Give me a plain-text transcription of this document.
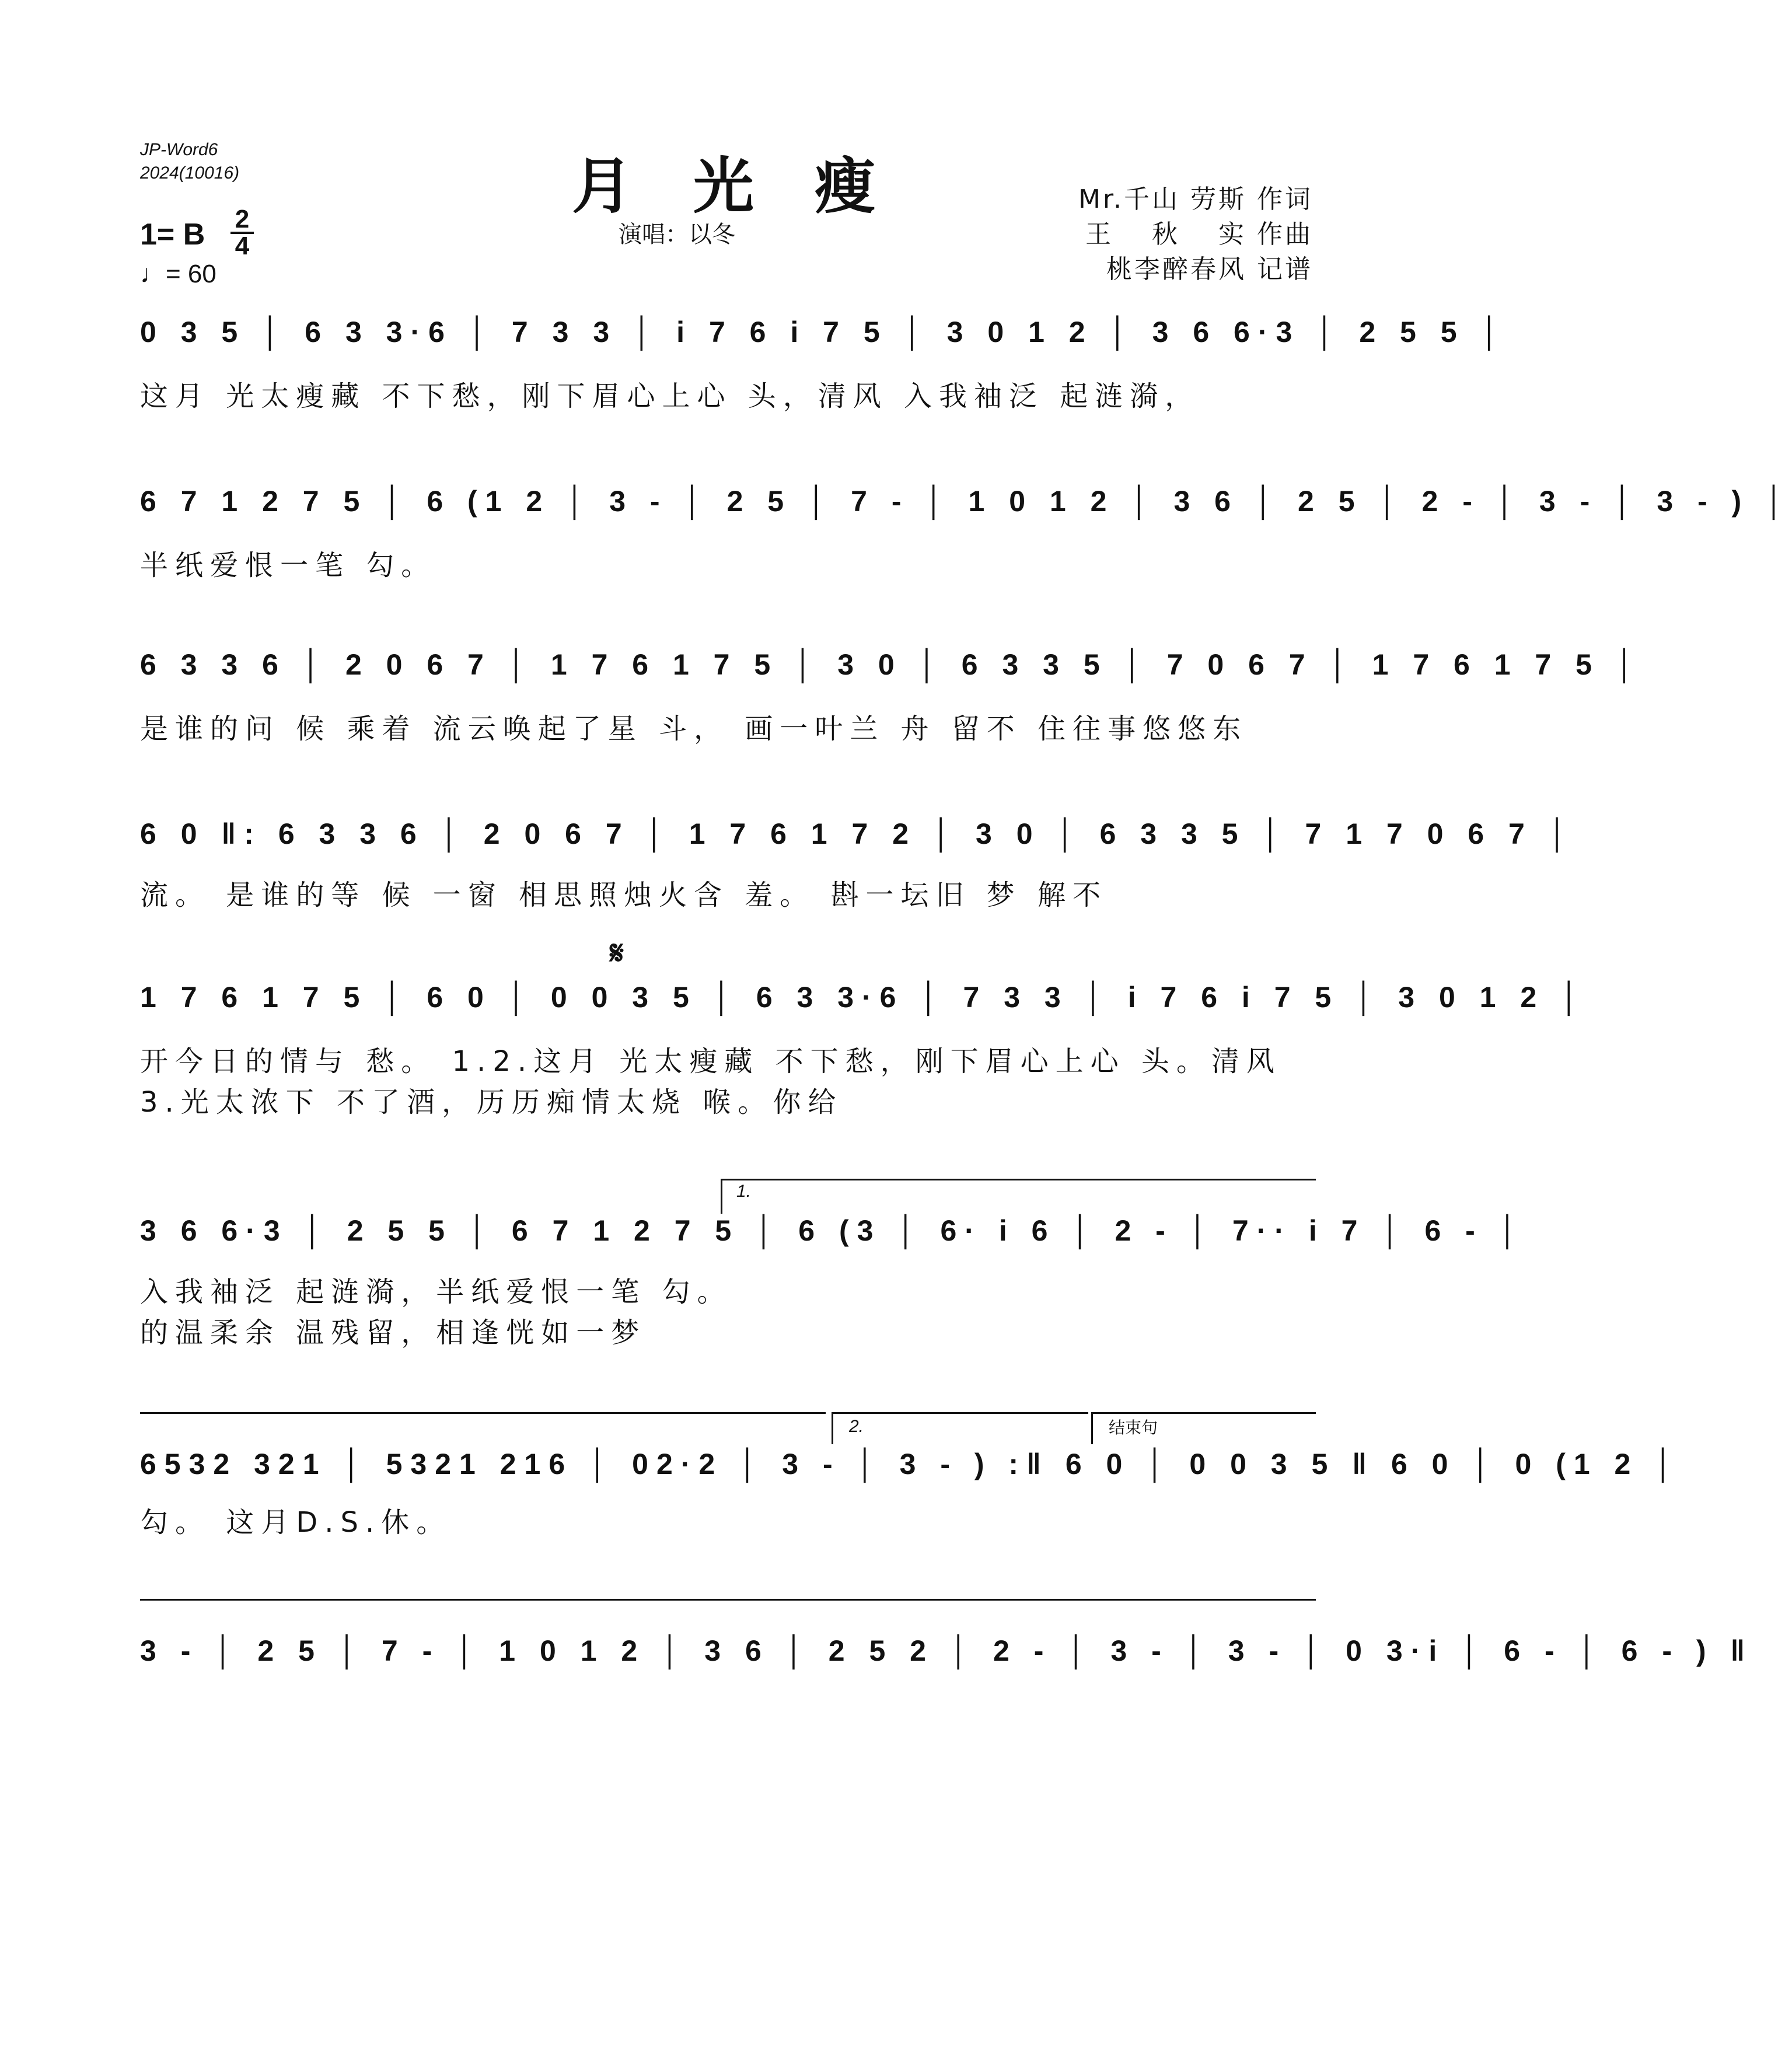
JP-Word6
2024(10016)	月　光　瘦
演唱：以冬
1= B $\frac{2}{4}$
♩= 60
Mr.千山 劳斯 作词
王　 秋　 实 作曲
桃李醉春风 记谱
0 3 5 │ 6 3 3·6 │ 7 3 3 │ i 7 6 i 7 5 │ 3 0 1 2 │ 3 6 6·3 │ 2 5 5 │
这月 光太瘦藏 不下愁，刚下眉心上心 头，清风 入我袖泛 起涟漪，
6 7 1 2 7 5 │ 6 (1 2 │ 3 - │ 2 5 │ 7 - │ 1 0 1 2 │ 3 6 │ 2 5 │ 2 - │ 3 - │ 3 - ) │
半纸爱恨一笔 勾。
6 3 3 6 │ 2 0 6 7 │ 1 7 6 1 7 5 │ 3 0 │ 6 3 3 5 │ 7 0 6 7 │ 1 7 6 1 7 5 │
是谁的问 候 乘着 流云唤起了星 斗， 画一叶兰 舟 留不 住往事悠悠东
6 0 ‖: 6 3 3 6 │ 2 0 6 7 │ 1 7 6 1 7 2 │ 3 0 │ 6 3 3 5 │ 7 1 7 0 6 7 │
流。 是谁的等 候 一窗 相思照烛火含 羞。 斟一坛旧 梦 解不
𝄋
1 7 6 1 7 5 │ 6 0 │ 0 0 3 5 │ 6 3 3·6 │ 7 3 3 │ i 7 6 i 7 5 │ 3 0 1 2 │
开今日的情与 愁。 1.2.这月 光太瘦藏 不下愁，刚下眉心上心 头。清风
3.光太浓下 不了酒，历历痴情太烧 喉。你给
1.
3 6 6·3 │ 2 5 5 │ 6 7 1 2 7 5 │ 6 (3 │ 6· i 6 │ 2 - │ 7·· i 7 │ 6 - │
入我袖泛 起涟漪，半纸爱恨一笔 勾。
的温柔余 温残留，相逢恍如一梦
2.	结束句
6532 321 │ 5321 216 │ 02·2 │ 3 - │ 3 - ) :‖ 6 0 │ 0 0 3 5 ‖ 6 0 │ 0 (1 2 │
勾。 这月D.S.休。
3 - │ 2 5 │ 7 - │ 1 0 1 2 │ 3 6 │ 2 5 2 │ 2 - │ 3 - │ 3 - │ 0 3·i │ 6 - │ 6 - ) ‖
